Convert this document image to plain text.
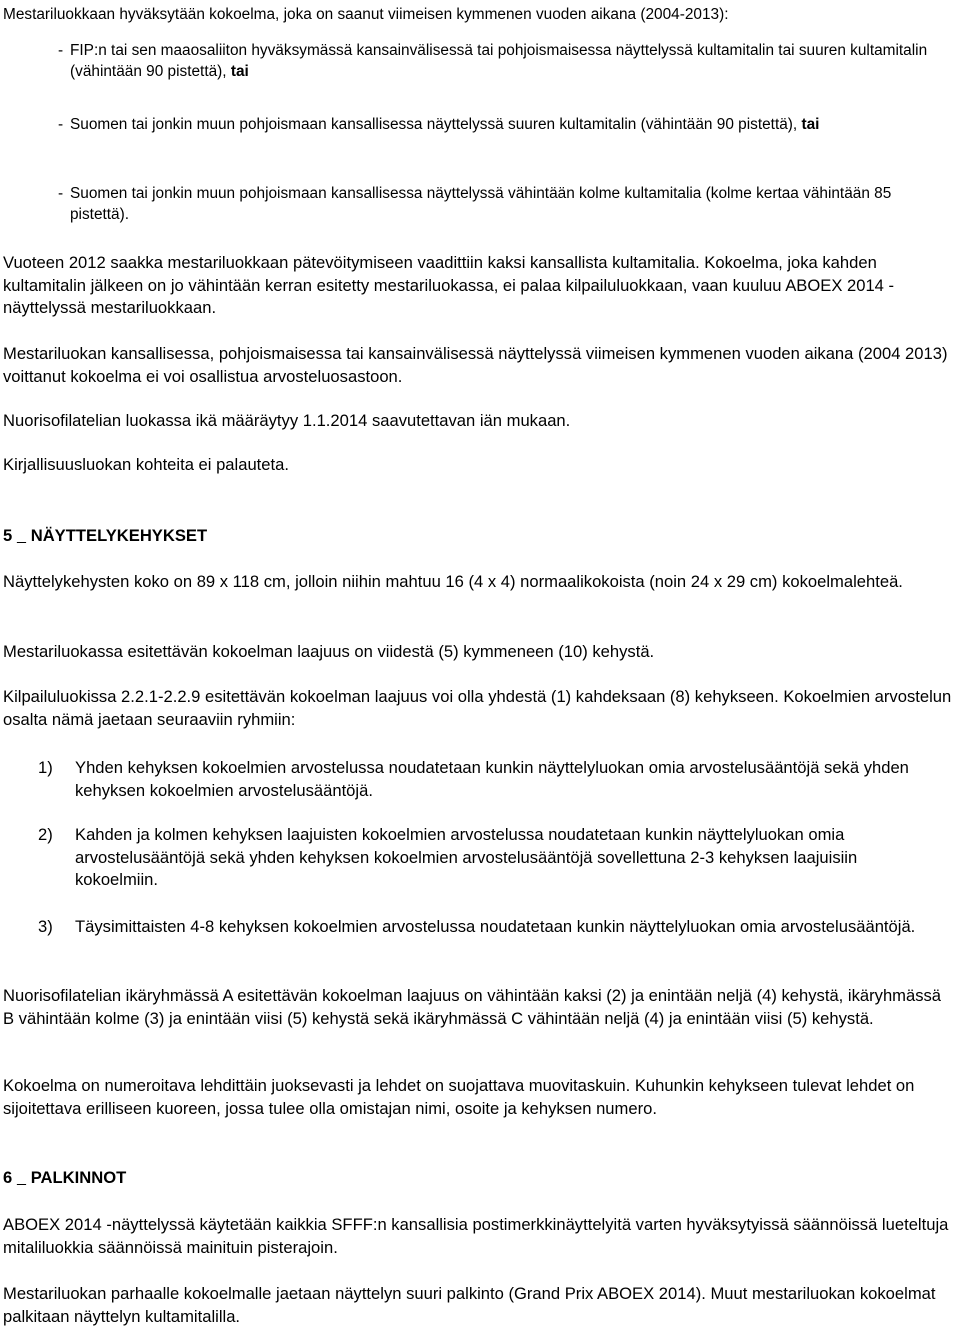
Mestariluokkaan hyväksytään kokoelma, joka on saanut viimeisen kymmenen vuoden aikana (2004-2013):
- FIP:n tai sen maaosaliiton hyväksymässä kansainvälisessä tai pohjoismaisessa näyttelyssä kultamitalin tai suuren kultamitalin (vähintään 90 pistettä), tai
- Suomen tai jonkin muun pohjoismaan kansallisessa näyttelyssä suuren kultamitalin (vähintään 90 pistettä), tai
- Suomen tai jonkin muun pohjoismaan kansallisessa näyttelyssä vähintään kolme kultamitalia (kolme kertaa vähintään 85 pistettä).
Vuoteen 2012 saakka mestariluokkaan pätevöitymiseen vaadittiin kaksi kansallista kultamitalia. Kokoelma, joka kahden kultamitalin jälkeen on jo vähintään kerran esitetty mestariluokassa, ei palaa kilpailuluokkaan, vaan kuuluu ABOEX 2014 -näyttelyssä mestariluokkaan.
Mestariluokan kansallisessa, pohjoismaisessa tai kansainvälisessä näyttelyssä viimeisen kymmenen vuoden aikana (2004 2013) voittanut kokoelma ei voi osallistua arvosteluosastoon.
Nuorisofilatelian luokassa ikä määräytyy 1.1.2014 saavutettavan iän mukaan.
Kirjallisuusluokan kohteita ei palauteta.
5 NÄYTTELYKEHYKSET
Näyttelykehysten koko on 89 x 118 cm, jolloin niihin mahtuu 16 (4 x 4) normaalikokoista (noin 24 x 29 cm) kokoelmalehteä.
Mestariluokassa esitettävän kokoelman laajuus on viidestä (5) kymmeneen (10) kehystä.
Kilpailuluokissa 2.2.1-2.2.9 esitettävän kokoelman laajuus voi olla yhdestä (1) kahdeksaan (8) kehykseen. Kokoelmien arvostelun osalta nämä jaetaan seuraaviin ryhmiin:
1)	Yhden kehyksen kokoelmien arvostelussa noudatetaan kunkin näyttelyluokan omia arvostelusääntöjä sekä yhden kehyksen kokoelmien arvostelusääntöjä.
2)	Kahden ja kolmen kehyksen laajuisten kokoelmien arvostelussa noudatetaan kunkin näyttelyluokan omia arvostelusääntöjä sekä yhden kehyksen kokoelmien arvostelusääntöjä sovellettuna 2-3 kehyksen laajuisiin kokoelmiin.
3)	Täysimittaisten 4-8 kehyksen kokoelmien arvostelussa noudatetaan kunkin näyttelyluokan omia arvostelusääntöjä.
Nuorisofilatelian ikäryhmässä A esitettävän kokoelman laajuus on vähintään kaksi (2) ja enintään neljä (4) kehystä, ikäryhmässä B vähintään kolme (3) ja enintään viisi (5) kehystä sekä ikäryhmässä C vähintään neljä (4) ja enintään viisi (5) kehystä.
Kokoelma on numeroitava lehdittäin juoksevasti ja lehdet on suojattava muovitaskuin. Kuhunkin kehykseen tulevat lehdet on sijoitettava erilliseen kuoreen, jossa tulee olla omistajan nimi, osoite ja kehyksen numero.
6 PALKINNOT
ABOEX 2014 -näyttelyssä käytetään kaikkia SFFF:n kansallisia postimerkkinäyttelyitä varten hyväksytyissä säännöissä lueteltuja mitaliluokkia säännöissä mainituin pisterajoin.
Mestariluokan parhaalle kokoelmalle jaetaan näyttelyn suuri palkinto (Grand Prix ABOEX 2014). Muut mestariluokan kokoelmat palkitaan näyttelyn kultamitalilla.
